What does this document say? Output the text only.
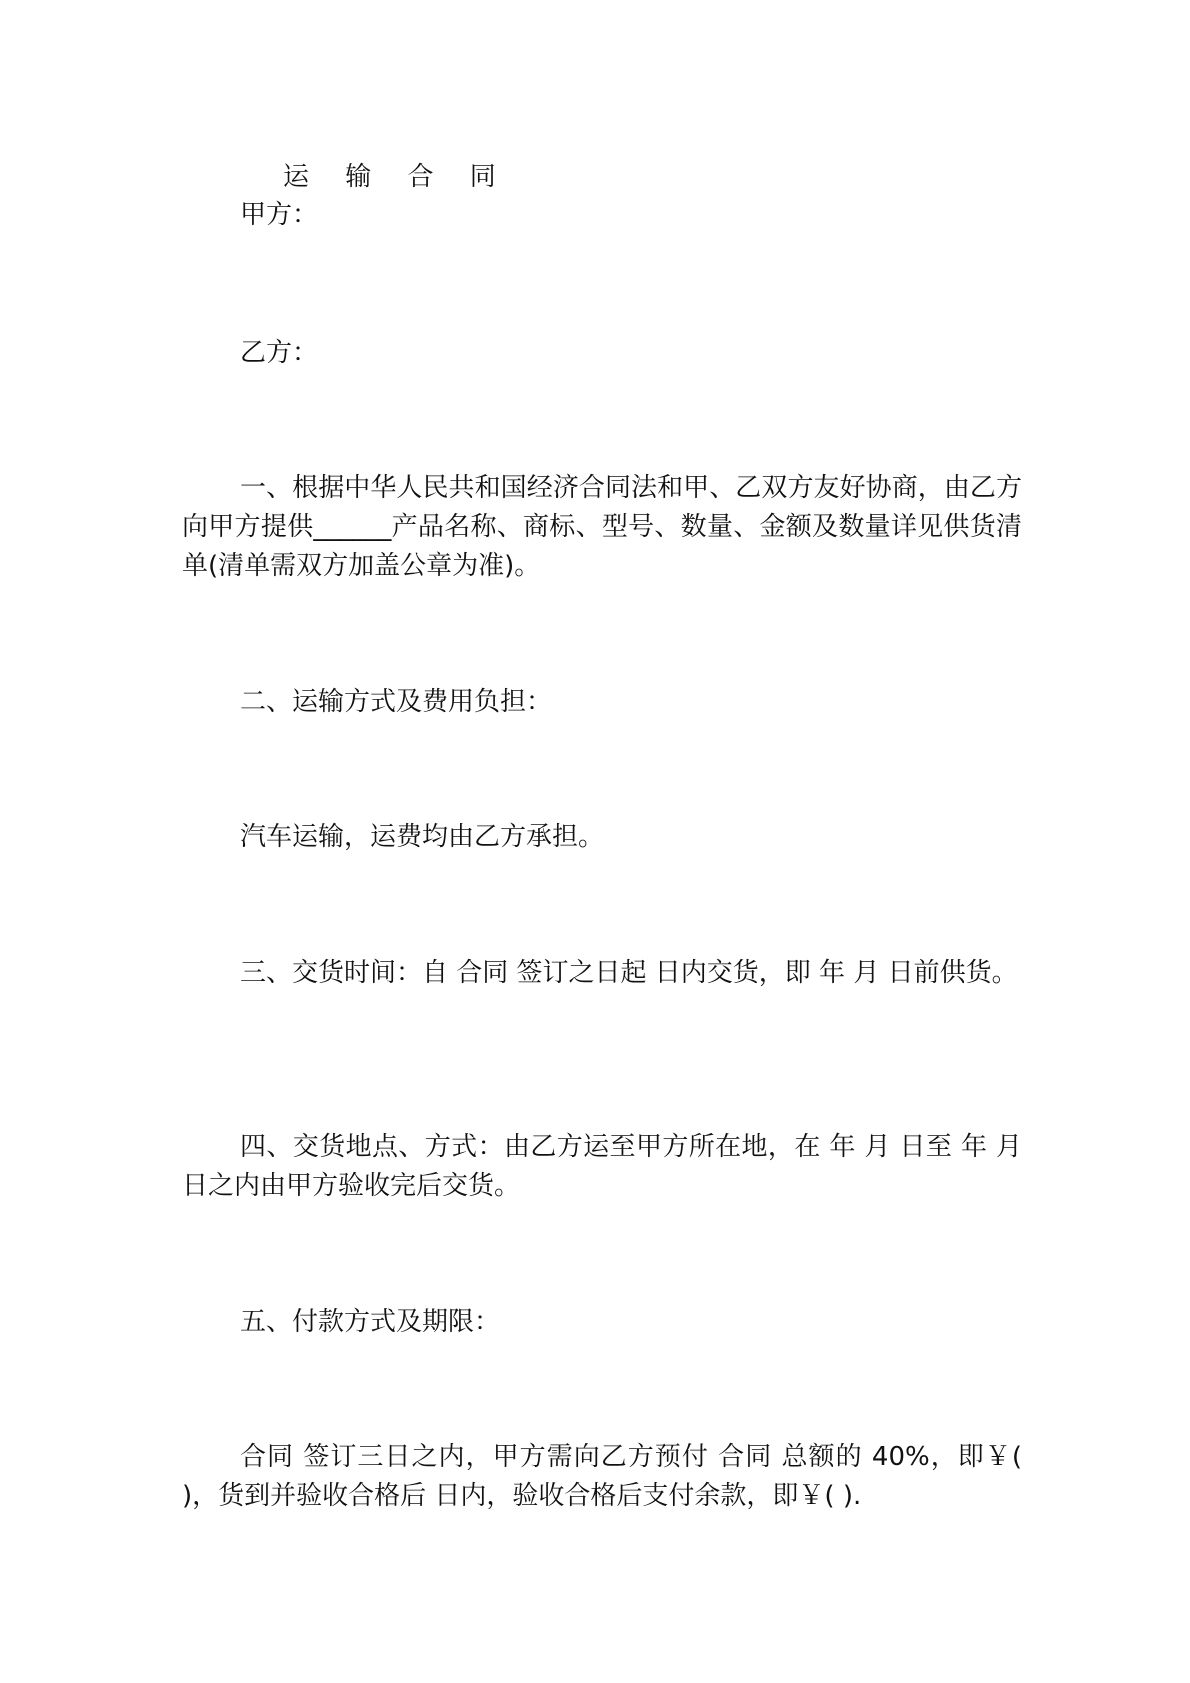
运 输 合 同
甲方：
乙方：
一、根据中华人民共和国经济合同法和甲、乙双方友好协商，由乙方向甲方提供______产品名称、商标、型号、数量、金额及数量详见供货清单(清单需双方加盖公章为准)。
二、运输方式及费用负担：
汽车运输，运费均由乙方承担。
三、交货时间：自 合同 签订之日起 日内交货，即 年 月 日前供货。
四、交货地点、方式：由乙方运至甲方所在地，在 年 月 日至 年 月 日之内由甲方验收完后交货。
五、付款方式及期限：
合同 签订三日之内，甲方需向乙方预付 合同 总额的 40%，即￥( )，货到并验收合格后 日内，验收合格后支付余款，即￥( ).
